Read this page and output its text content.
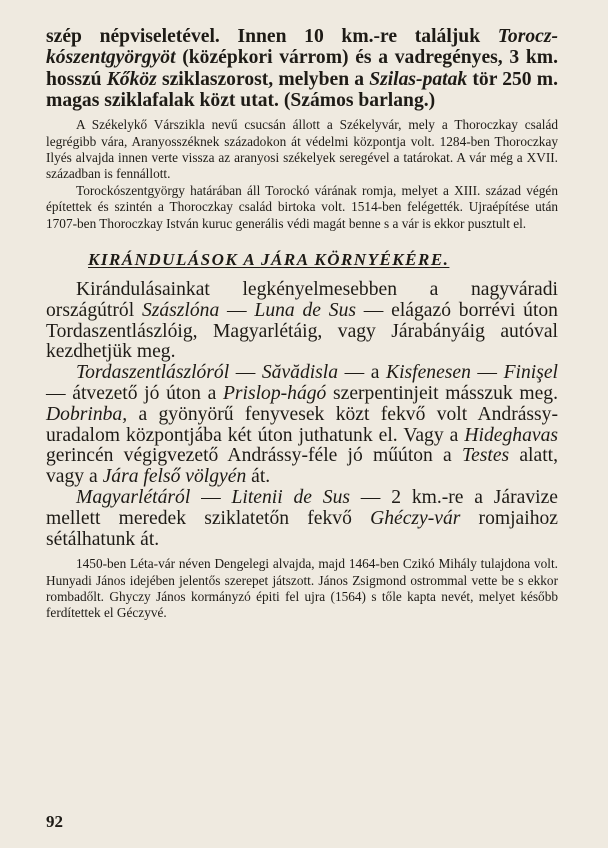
szép népviseletével. Innen 10 km.-re találjuk Torocz-kószentgyörgyöt (középkori várrom) és a vadregényes, 3 km. hosszú Kőköz sziklaszorost, melyben a Szilas-patak tör 250 m. magas sziklafalak közt utat. (Számos barlang.)

A Székelykő Várszikla nevű csucsán állott a Székelyvár, mely a Thoroczkay család legrégibb vára, Aranyosszéknek századokon át védelmi központja volt. 1284-ben Thoroczkay Ilyés alvajda innen verte vissza az aranyosi székelyek seregével a tatárokat. A vár még a XVII. században is fennállott.

Torockószentgyörgy határában áll Torockó várának romja, melyet a XIII. század végén építettek és szintén a Thoroczkay család birtoka volt. 1514-ben felégették. Ujraépítése után 1707-ben Thoroczkay István kuruc generális védi magát benne s a vár is ekkor pusztult el.

KIRÁNDULÁSOK A JÁRA KÖRNYÉKÉRE.

Kirándulásainkat legkényelmesebben a nagyváradi országútról Szászlóna — Luna de Sus — elágazó borrévi úton Tordaszentlászlóig, Magyarlétáig, vagy Járabányáig autóval kezdhetjük meg.

Tordaszentlászlóról — Săvădisla — a Kisfenesen — Finişel — átvezető jó úton a Prislop-hágó szerpentinjeit másszuk meg. Dobrinba, a gyönyörű fenyvesek közt fekvő volt Andrássy-uradalom központjába két úton juthatunk el. Vagy a Hideghavas gerincén végigvezető Andrássy-féle jó műúton a Testes alatt, vagy a Jára felső völgyén át.

Magyarlétáról — Litenii de Sus — 2 km.-re a Járavize mellett meredek sziklatetőn fekvő Ghéczy-vár romjaihoz sétálhatunk át.

1450-ben Léta-vár néven Dengelegi alvajda, majd 1464-ben Czikó Mihály tulajdona volt. Hunyadi János idejében jelentős szerepet játszott. János Zsigmond ostrommal vette be s ekkor rombadőlt. Ghyczy János kormányzó épiti fel ujra (1564) s tőle kapta nevét, melyet később ferdítettek el Géczyvé.

92
